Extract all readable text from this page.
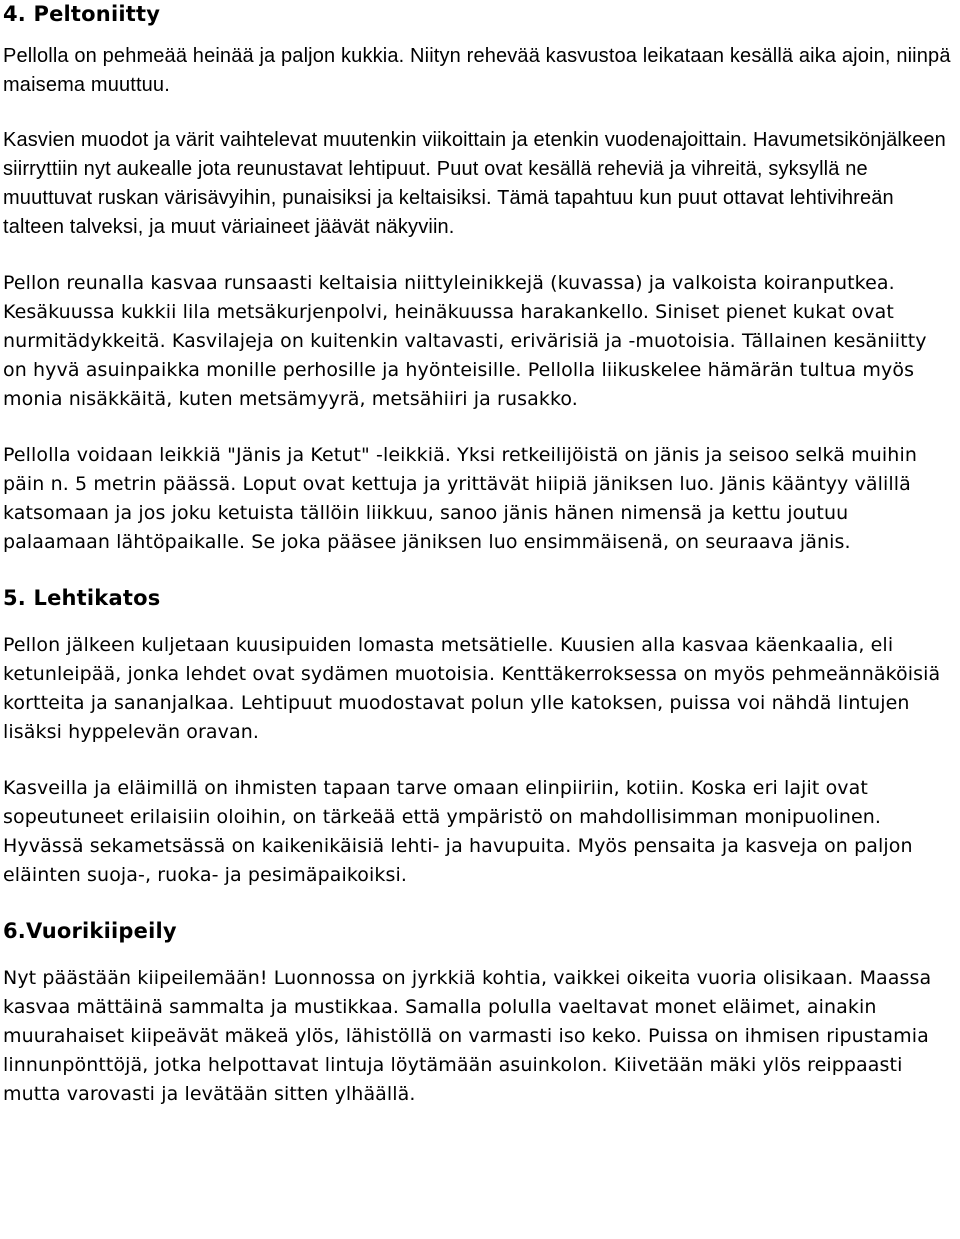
4. Peltoniitty

Pellolla on pehmeää heinää ja paljon kukkia. Niityn rehevää kasvustoa leikataan kesällä aika ajoin, niinpä maisema muuttuu.

Kasvien muodot ja värit vaihtelevat muutenkin viikoittain ja etenkin vuodenajoittain. Havumetsikönjälkeen siirryttiin nyt aukealle jota reunustavat lehtipuut. Puut ovat kesällä reheviä ja vihreitä, syksyllä ne muuttuvat ruskan värisävyihin, punaisiksi ja keltaisiksi. Tämä tapahtuu kun puut ottavat lehtivihreän talteen talveksi, ja muut väriaineet jäävät näkyviin.

Pellon reunalla kasvaa runsaasti keltaisia niittyleinikkejä (kuvassa) ja valkoista koiranputkea. Kesäkuussa kukkii lila metsäkurjenpolvi, heinäkuussa harakankello. Siniset pienet kukat ovat nurmitädykkeitä. Kasvilajeja on kuitenkin valtavasti, erivärisiä ja -muotoisia. Tällainen kesäniitty on hyvä asuinpaikka monille perhosille ja hyönteisille. Pellolla liikuskelee hämärän tultua myös monia nisäkkäitä, kuten metsämyyrä, metsähiiri ja rusakko.

Pellolla voidaan leikkiä "Jänis ja Ketut" -leikkiä. Yksi retkeilijöistä on jänis ja seisoo selkä muihin päin n. 5 metrin päässä. Loput ovat kettuja ja yrittävät hiipiä jäniksen luo. Jänis kääntyy välillä katsomaan ja jos joku ketuista tällöin liikkuu, sanoo jänis hänen nimensä ja kettu joutuu palaamaan lähtöpaikalle. Se joka pääsee jäniksen luo ensimmäisenä, on seuraava jänis.

5. Lehtikatos

Pellon jälkeen kuljetaan kuusipuiden lomasta metsätielle. Kuusien alla kasvaa käenkaalia, eli ketunleipää, jonka lehdet ovat sydämen muotoisia. Kenttäkerroksessa on myös pehmeännäköisiä kortteita ja sananjalkaa. Lehtipuut muodostavat polun ylle katoksen, puissa voi nähdä lintujen lisäksi hyppelevän oravan.

Kasveilla ja eläimillä on ihmisten tapaan tarve omaan elinpiiriin, kotiin. Koska eri lajit ovat sopeutuneet erilaisiin oloihin, on tärkeää että ympäristö on mahdollisimman monipuolinen. Hyvässä sekametsässä on kaikenikäisiä lehti- ja havupuita. Myös pensaita ja kasveja on paljon eläinten suoja-, ruoka- ja pesimäpaikoiksi.

6.Vuorikiipeily

Nyt päästään kiipeilemään! Luonnossa on jyrkkiä kohtia, vaikkei oikeita vuoria olisikaan. Maassa kasvaa mättäinä sammalta ja mustikkaa. Samalla polulla vaeltavat monet eläimet, ainakin muurahaiset kiipeävät mäkeä ylös, lähistöllä on varmasti iso keko. Puissa on ihmisen ripustamia linnunpönttöjä, jotka helpottavat lintuja löytämään asuinkolon. Kiivetään mäki ylös reippaasti mutta varovasti ja levätään sitten ylhäällä.
